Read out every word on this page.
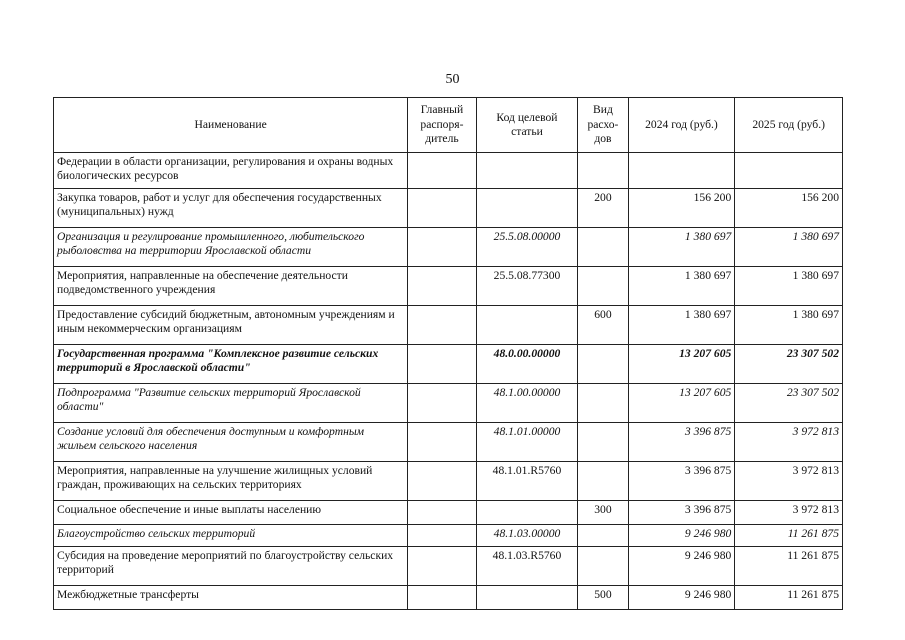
50
Наименование	Главный распоря-дитель	Код целевой статьи	Вид расхо-дов	2024 год (руб.)	2025 год (руб.)
Федерации в области организации, регулирования и охраны водных биологических ресурсов					
Закупка товаров, работ и услуг для обеспечения государственных (муниципальных) нужд			200	156 200	156 200
Организация и регулирование промышленного, любительского рыболовства на территории Ярославской области		25.5.08.00000		1 380 697	1 380 697
Мероприятия, направленные на обеспечение деятельности подведомственного учреждения		25.5.08.77300		1 380 697	1 380 697
Предоставление субсидий бюджетным, автономным учреждениям и иным некоммерческим организациям			600	1 380 697	1 380 697
Государственная программа "Комплексное развитие сельских территорий в Ярославской области"		48.0.00.00000		13 207 605	23 307 502
Подпрограмма "Развитие сельских территорий Ярославской области"		48.1.00.00000		13 207 605	23 307 502
Создание условий для обеспечения доступным и комфортным жильем сельского населения		48.1.01.00000		3 396 875	3 972 813
Мероприятия, направленные на улучшение жилищных условий граждан, проживающих на сельских территориях		48.1.01.R5760		3 396 875	3 972 813
Социальное обеспечение и иные выплаты населению			300	3 396 875	3 972 813
Благоустройство сельских территорий		48.1.03.00000		9 246 980	11 261 875
Субсидия на проведение мероприятий по благоустройству сельских территорий		48.1.03.R5760		9 246 980	11 261 875
Межбюджетные трансферты			500	9 246 980	11 261 875
